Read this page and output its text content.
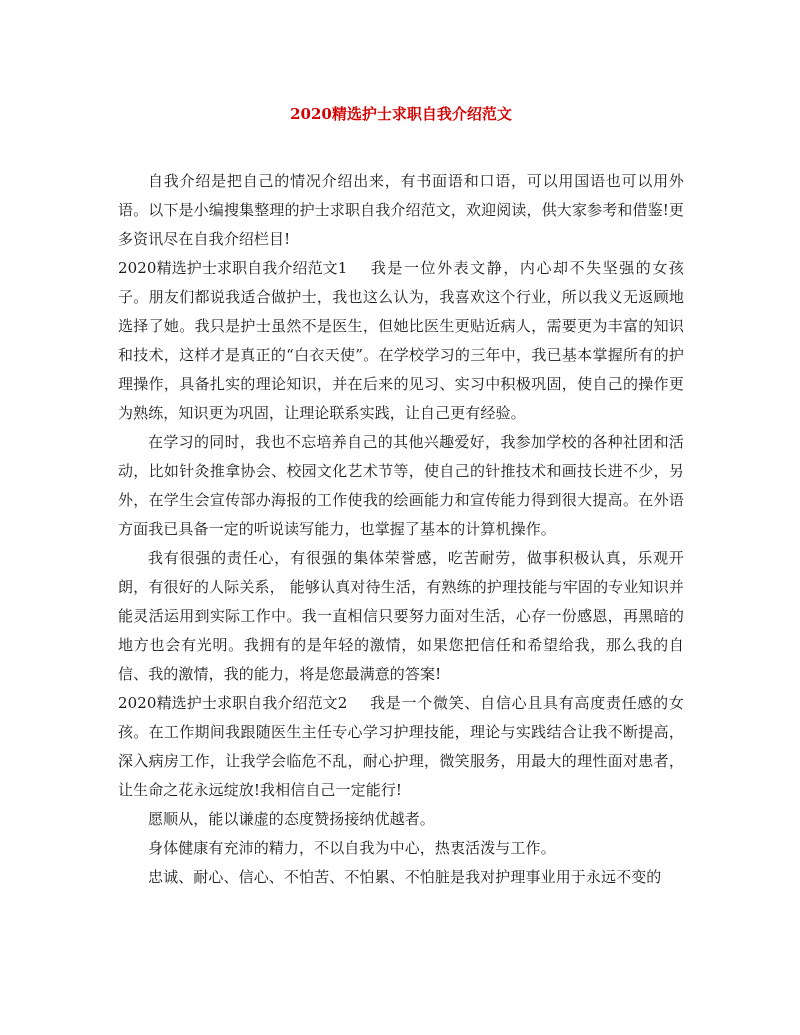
2020精选护士求职自我介绍范文

自我介绍是把自己的情况介绍出来，有书面语和口语，可以用国语也可以用外语。以下是小编搜集整理的护士求职自我介绍范文，欢迎阅读，供大家参考和借鉴!更多资讯尽在自我介绍栏目!

2020精选护士求职自我介绍范文1 我是一位外表文静，内心却不失坚强的女孩子。朋友们都说我适合做护士，我也这么认为，我喜欢这个行业，所以我义无返顾地选择了她。我只是护士虽然不是医生，但她比医生更贴近病人，需要更为丰富的知识和技术，这样才是真正的“白衣天使”。在学校学习的三年中，我已基本掌握所有的护理操作，具备扎实的理论知识，并在后来的见习、实习中积极巩固，使自己的操作更为熟练，知识更为巩固，让理论联系实践，让自己更有经验。

在学习的同时，我也不忘培养自己的其他兴趣爱好，我参加学校的各种社团和活动，比如针灸推拿协会、校园文化艺术节等，使自己的针推技术和画技长进不少，另外，在学生会宣传部办海报的工作使我的绘画能力和宣传能力得到很大提高。在外语方面我已具备一定的听说读写能力，也掌握了基本的计算机操作。

我有很强的责任心，有很强的集体荣誉感，吃苦耐劳，做事积极认真，乐观开朗，有很好的人际关系， 能够认真对待生活，有熟练的护理技能与牢固的专业知识并能灵活运用到实际工作中。我一直相信只要努力面对生活，心存一份感恩，再黑暗的地方也会有光明。我拥有的是年轻的激情，如果您把信任和希望给我，那么我的自信、我的激情，我的能力，将是您最满意的答案!

2020精选护士求职自我介绍范文2 我是一个微笑、自信心且具有高度责任感的女孩。在工作期间我跟随医生主任专心学习护理技能，理论与实践结合让我不断提高，深入病房工作，让我学会临危不乱，耐心护理，微笑服务，用最大的理性面对患者，让生命之花永远绽放!我相信自己一定能行!

愿顺从，能以谦虚的态度赞扬接纳优越者。

身体健康有充沛的精力，不以自我为中心，热衷活泼与工作。

忠诚、耐心、信心、不怕苦、不怕累、不怕脏是我对护理事业用于永远不变的
